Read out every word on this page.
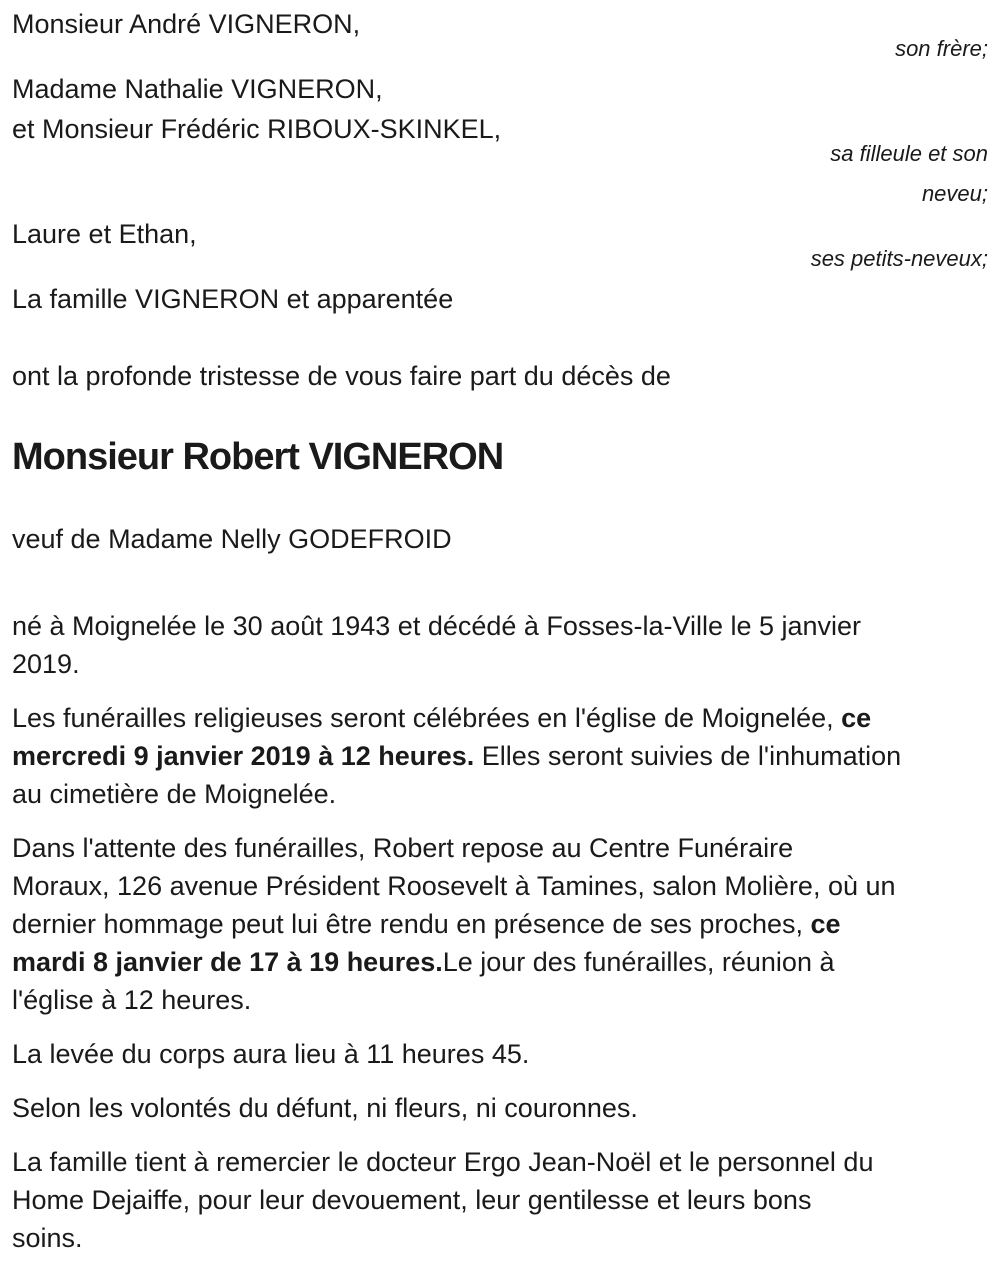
Monsieur André VIGNERON,
son frère;
Madame Nathalie VIGNERON,
et Monsieur Frédéric RIBOUX-SKINKEL,
sa filleule et son
neveu;
Laure et Ethan,
ses petits-neveux;
La famille VIGNERON et apparentée

ont la profonde tristesse de vous faire part du décès de

Monsieur Robert VIGNERON

veuf de Madame Nelly GODEFROID

né à Moignelée le 30 août 1943 et décédé à Fosses-la-Ville le 5 janvier
2019.
Les funérailles religieuses seront célébrées en l'église de Moignelée, ce
mercredi 9 janvier 2019 à 12 heures. Elles seront suivies de l'inhumation
au cimetière de Moignelée.
Dans l'attente des funérailles, Robert repose au Centre Funéraire
Moraux, 126 avenue Président Roosevelt à Tamines, salon Molière, où un
dernier hommage peut lui être rendu en présence de ses proches, ce
mardi 8 janvier de 17 à 19 heures.Le jour des funérailles, réunion à
l'église à 12 heures.
La levée du corps aura lieu à 11 heures 45.
Selon les volontés du défunt, ni fleurs, ni couronnes.
La famille tient à remercier le docteur Ergo Jean-Noël et le personnel du
Home Dejaiffe, pour leur devouement, leur gentilesse et leurs bons
soins.
